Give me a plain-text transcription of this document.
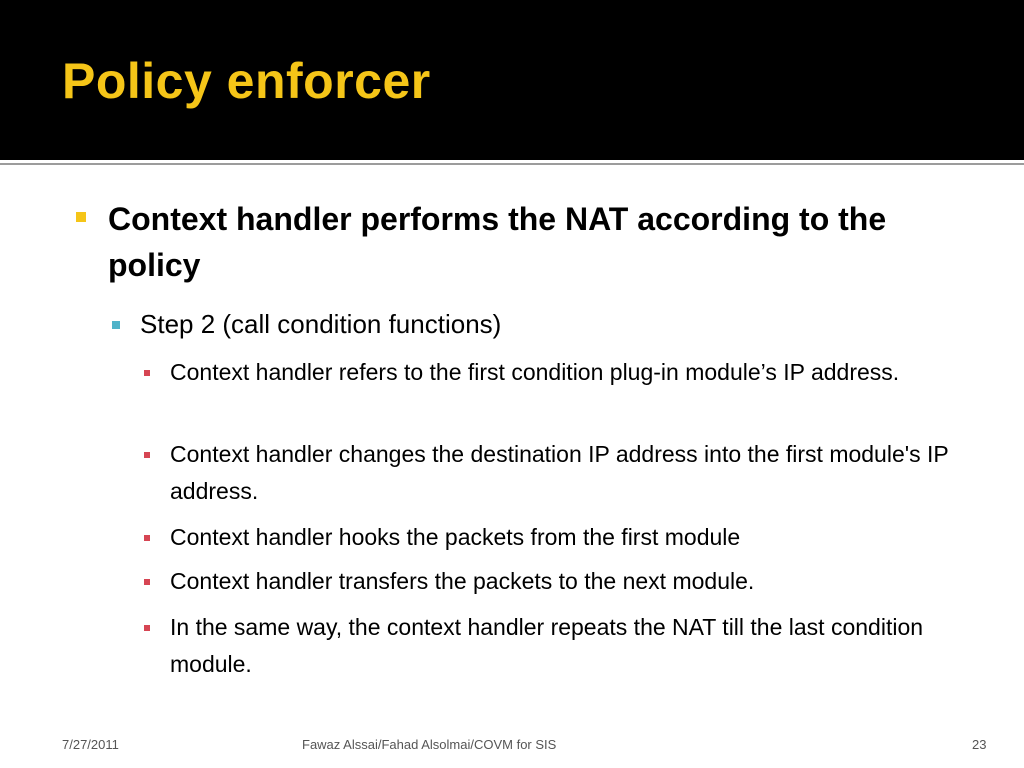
Policy enforcer
Context handler performs the NAT according to the policy
Step 2 (call condition functions)
Context handler refers to the first condition plug-in module’s IP address.
Context handler changes the destination IP address into the first module's IP address.
Context handler hooks the packets from the first module
Context handler transfers the packets to the next module.
In the same way, the context handler repeats the NAT till the last condition module.
7/27/2011	Fawaz Alssai/Fahad Alsolmai/COVM for SIS	23
